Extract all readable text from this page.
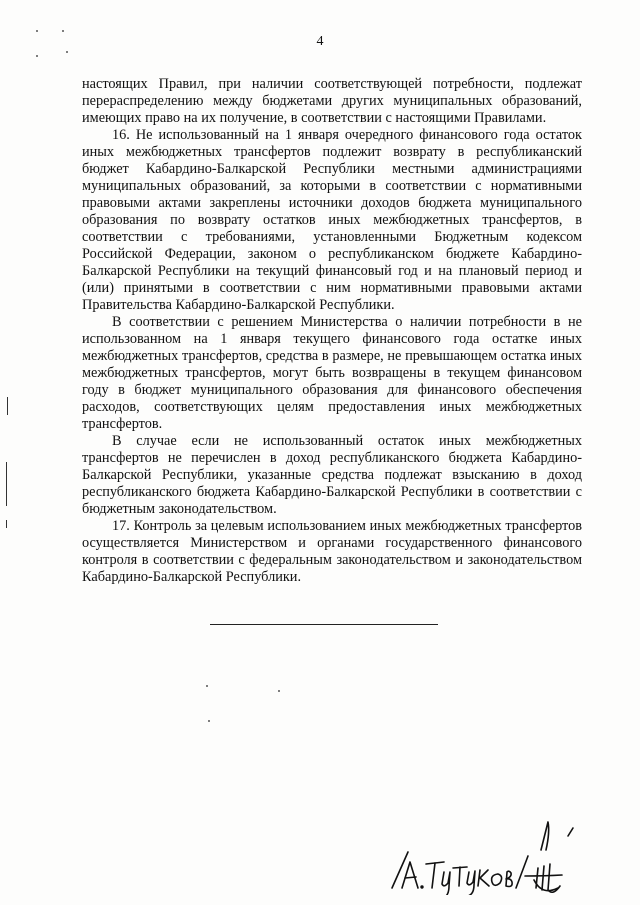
4

настоящих Правил, при наличии соответствующей потребности, подлежат перераспределению между бюджетами других муниципальных образований, имеющих право на их получение, в соответствии с настоящими Правилами.

16. Не использованный на 1 января очередного финансового года остаток иных межбюджетных трансфертов подлежит возврату в республиканский бюджет Кабардино-Балкарской Республики местными администрациями муниципальных образований, за которыми в соответствии с нормативными правовыми актами закреплены источники доходов бюджета муниципального образования по возврату остатков иных межбюджетных трансфертов, в соответствии с требованиями, установленными Бюджетным кодексом Российской Федерации, законом о республиканском бюджете Кабардино-Балкарской Республики на текущий финансовый год и на плановый период и (или) принятыми в соответствии с ним нормативными правовыми актами Правительства Кабардино-Балкарской Республики.

В соответствии с решением Министерства о наличии потребности в не использованном на 1 января текущего финансового года остатке иных межбюджетных трансфертов, средства в размере, не превышающем остатка иных межбюджетных трансфертов, могут быть возвращены в текущем финансовом году в бюджет муниципального образования для финансового обеспечения расходов, соответствующих целям предоставления иных межбюджетных трансфертов.

В случае если не использованный остаток иных межбюджетных трансфертов не перечислен в доход республиканского бюджета Кабардино-Балкарской Республики, указанные средства подлежат взысканию в доход республиканского бюджета Кабардино-Балкарской Республики в соответствии с бюджетным законодательством.

17. Контроль за целевым использованием иных межбюджетных трансфертов осуществляется Министерством и органами государственного финансового контроля в соответствии с федеральным законодательством и законодательством Кабардино-Балкарской Республики.
